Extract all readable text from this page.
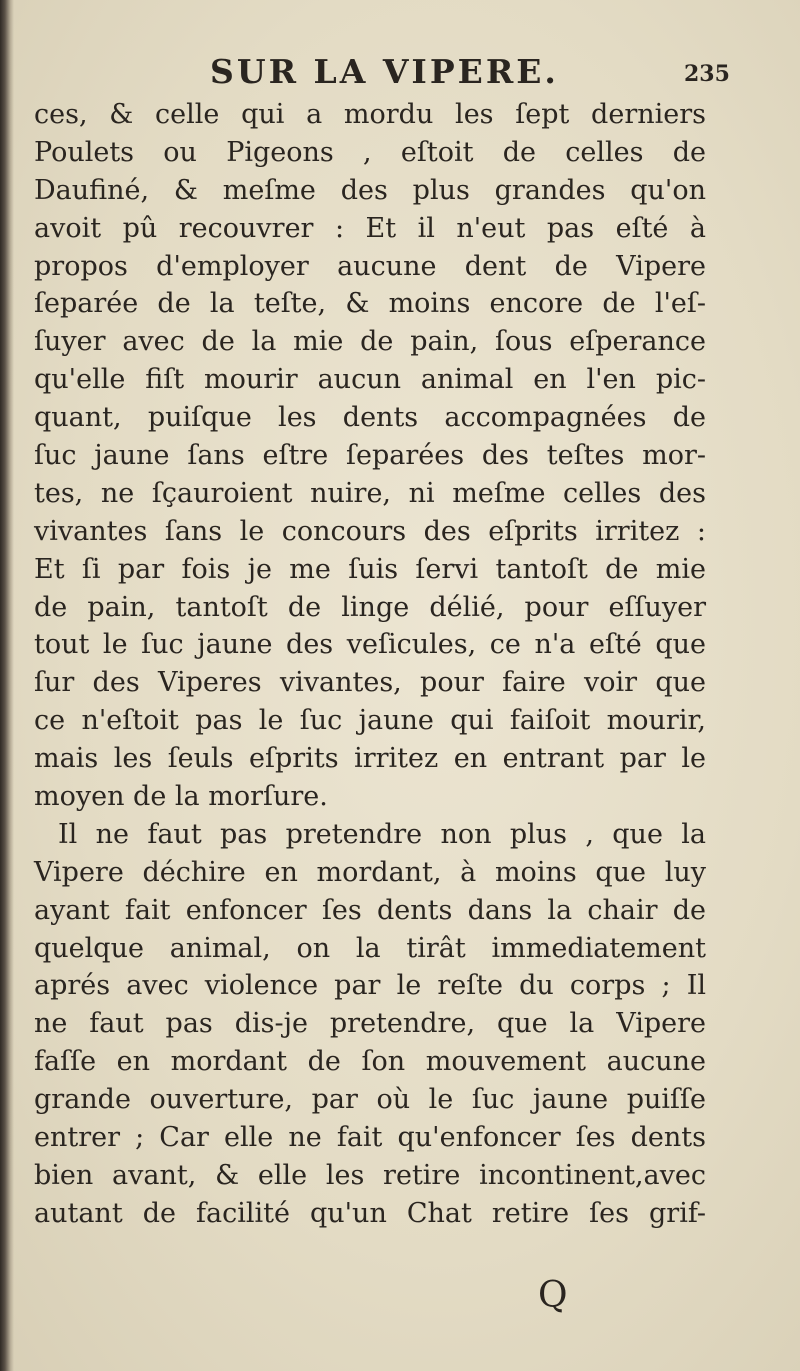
SUR LA VIPERE.	235
ces, & celle qui a mordu les ſept derniers
Poulets ou Pigeons , eſtoit de celles de
Daufiné, & meſme des plus grandes qu'on
avoit pû recouvrer : Et il n'eut pas eſté à
propos d'employer aucune dent de Vipere
ſeparée de la teſte, & moins encore de l'eſ-
ſuyer avec de la mie de pain, ſous eſperance
qu'elle fiſt mourir aucun animal en l'en pic-
quant, puiſque les dents accompagnées de
ſuc jaune ſans eſtre ſeparées des teſtes mor-
tes, ne ſçauroient nuire, ni meſme celles des
vivantes ſans le concours des eſprits irritez :
Et ſi par fois je me ſuis ſervi tantoſt de mie
de pain, tantoſt de linge délié, pour eſſuyer
tout le ſuc jaune des veſicules, ce n'a eſté que
ſur des Viperes vivantes, pour faire voir que
ce n'eſtoit pas le ſuc jaune qui faiſoit mourir,
mais les ſeuls eſprits irritez en entrant par le
moyen de la morſure.
Il ne faut pas pretendre non plus , que la
Vipere déchire en mordant, à moins que luy
ayant fait enfoncer ſes dents dans la chair de
quelque animal, on la tirât immediatement
aprés avec violence par le reſte du corps ; Il
ne faut pas dis-je pretendre, que la Vipere
faſſe en mordant de ſon mouvement aucune
grande ouverture, par où le ſuc jaune puiſſe
entrer ; Car elle ne fait qu'enfoncer ſes dents
bien avant, & elle les retire incontinent,avec
autant de facilité qu'un Chat retire ſes grif-
Q
